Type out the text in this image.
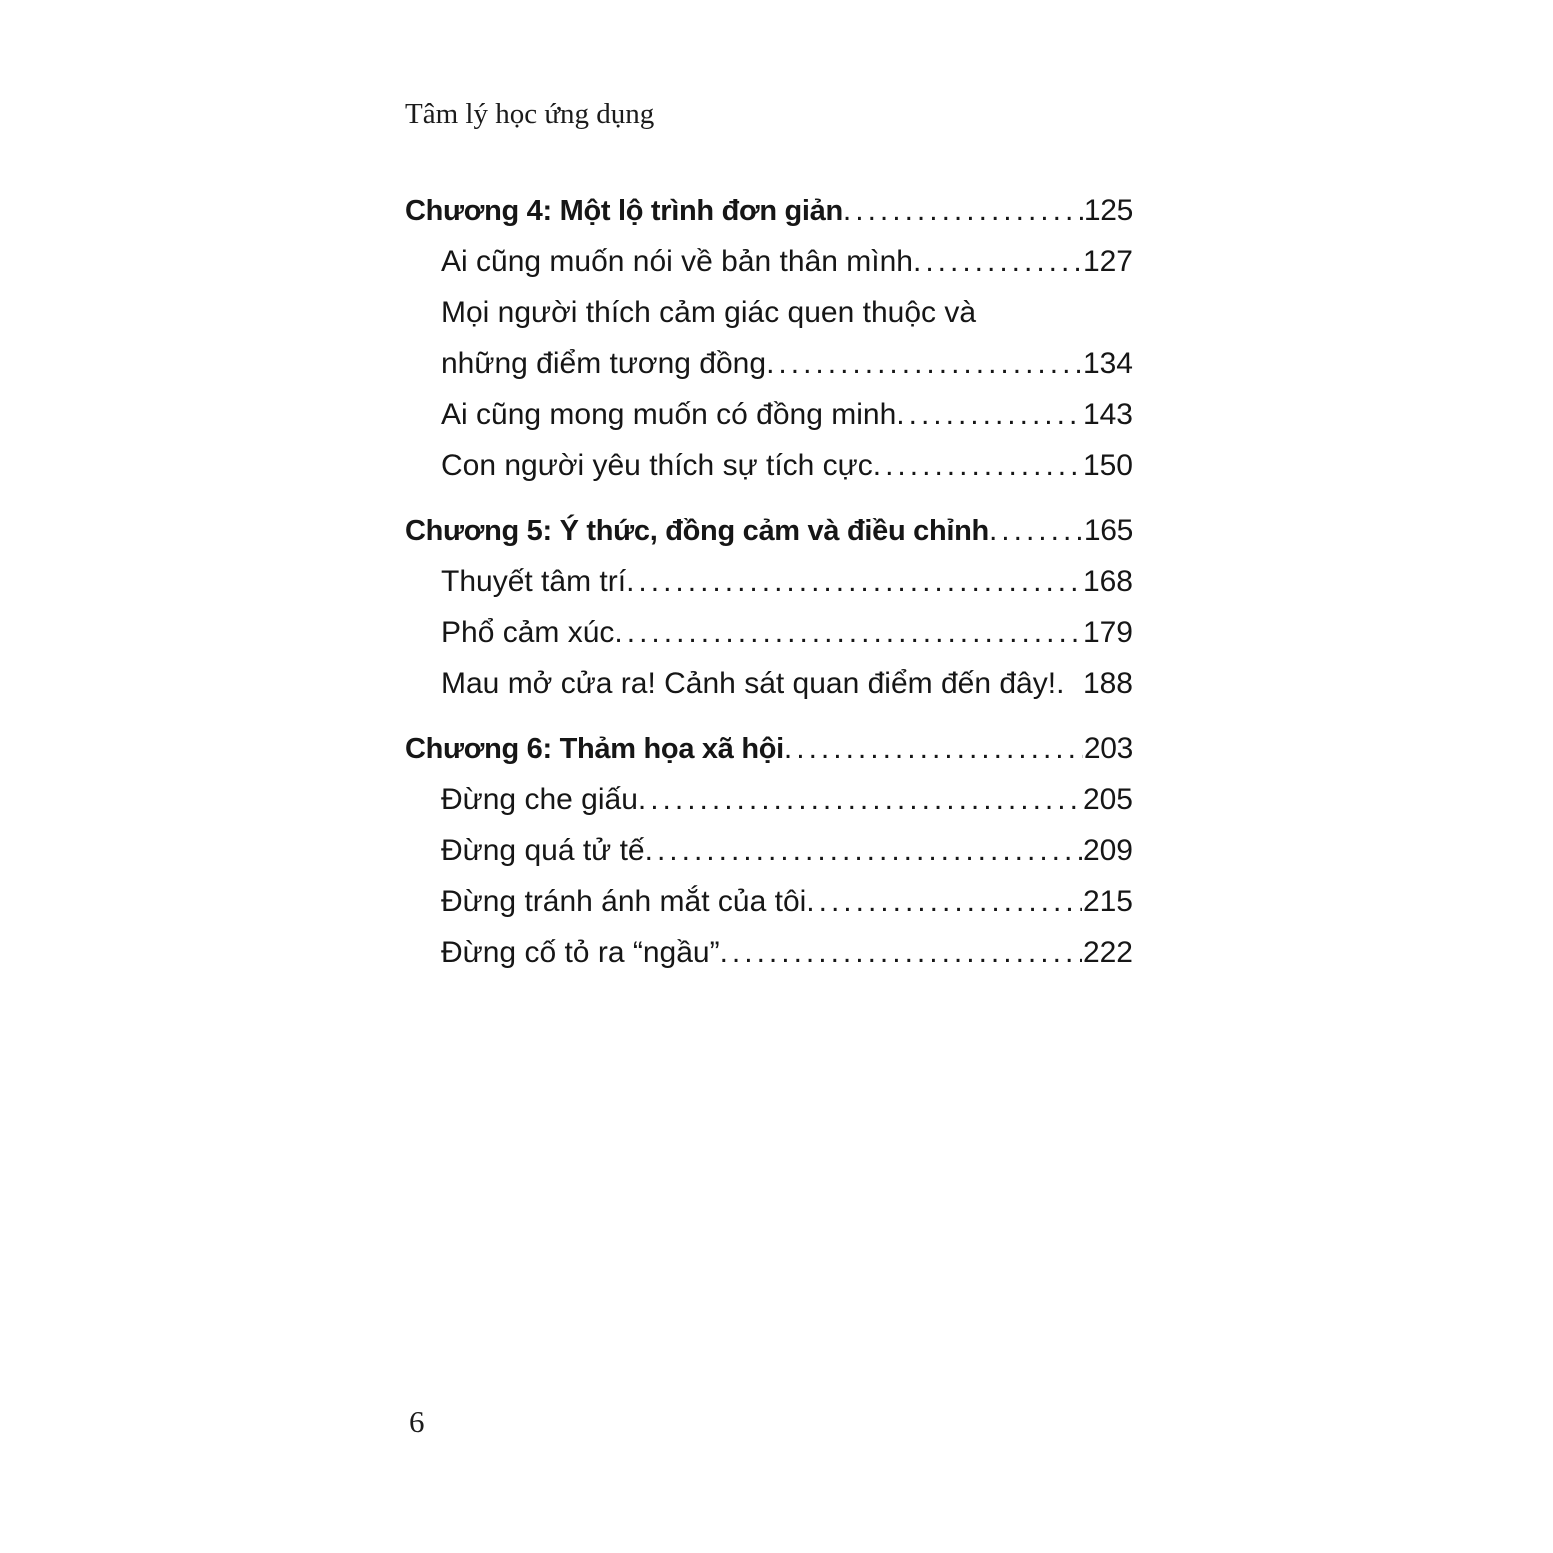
Tâm lý học ứng dụng
Chương 4: Một lộ trình đơn giản .....	125
Ai cũng muốn nói về bản thân mình .....	127
Mọi người thích cảm giác quen thuộc và
những điểm tương đồng .....	134
Ai cũng mong muốn có đồng minh .....	143
Con người yêu thích sự tích cực .....	150
Chương 5: Ý thức, đồng cảm và điều chỉnh .....	165
Thuyết tâm trí .....	168
Phổ cảm xúc .....	179
Mau mở cửa ra! Cảnh sát quan điểm đến đây! . 188
Chương 6: Thảm họa xã hội .....	203
Đừng che giấu .....	205
Đừng quá tử tế .....	209
Đừng tránh ánh mắt của tôi .....	215
Đừng cố tỏ ra “ngầu” .....	222
6
